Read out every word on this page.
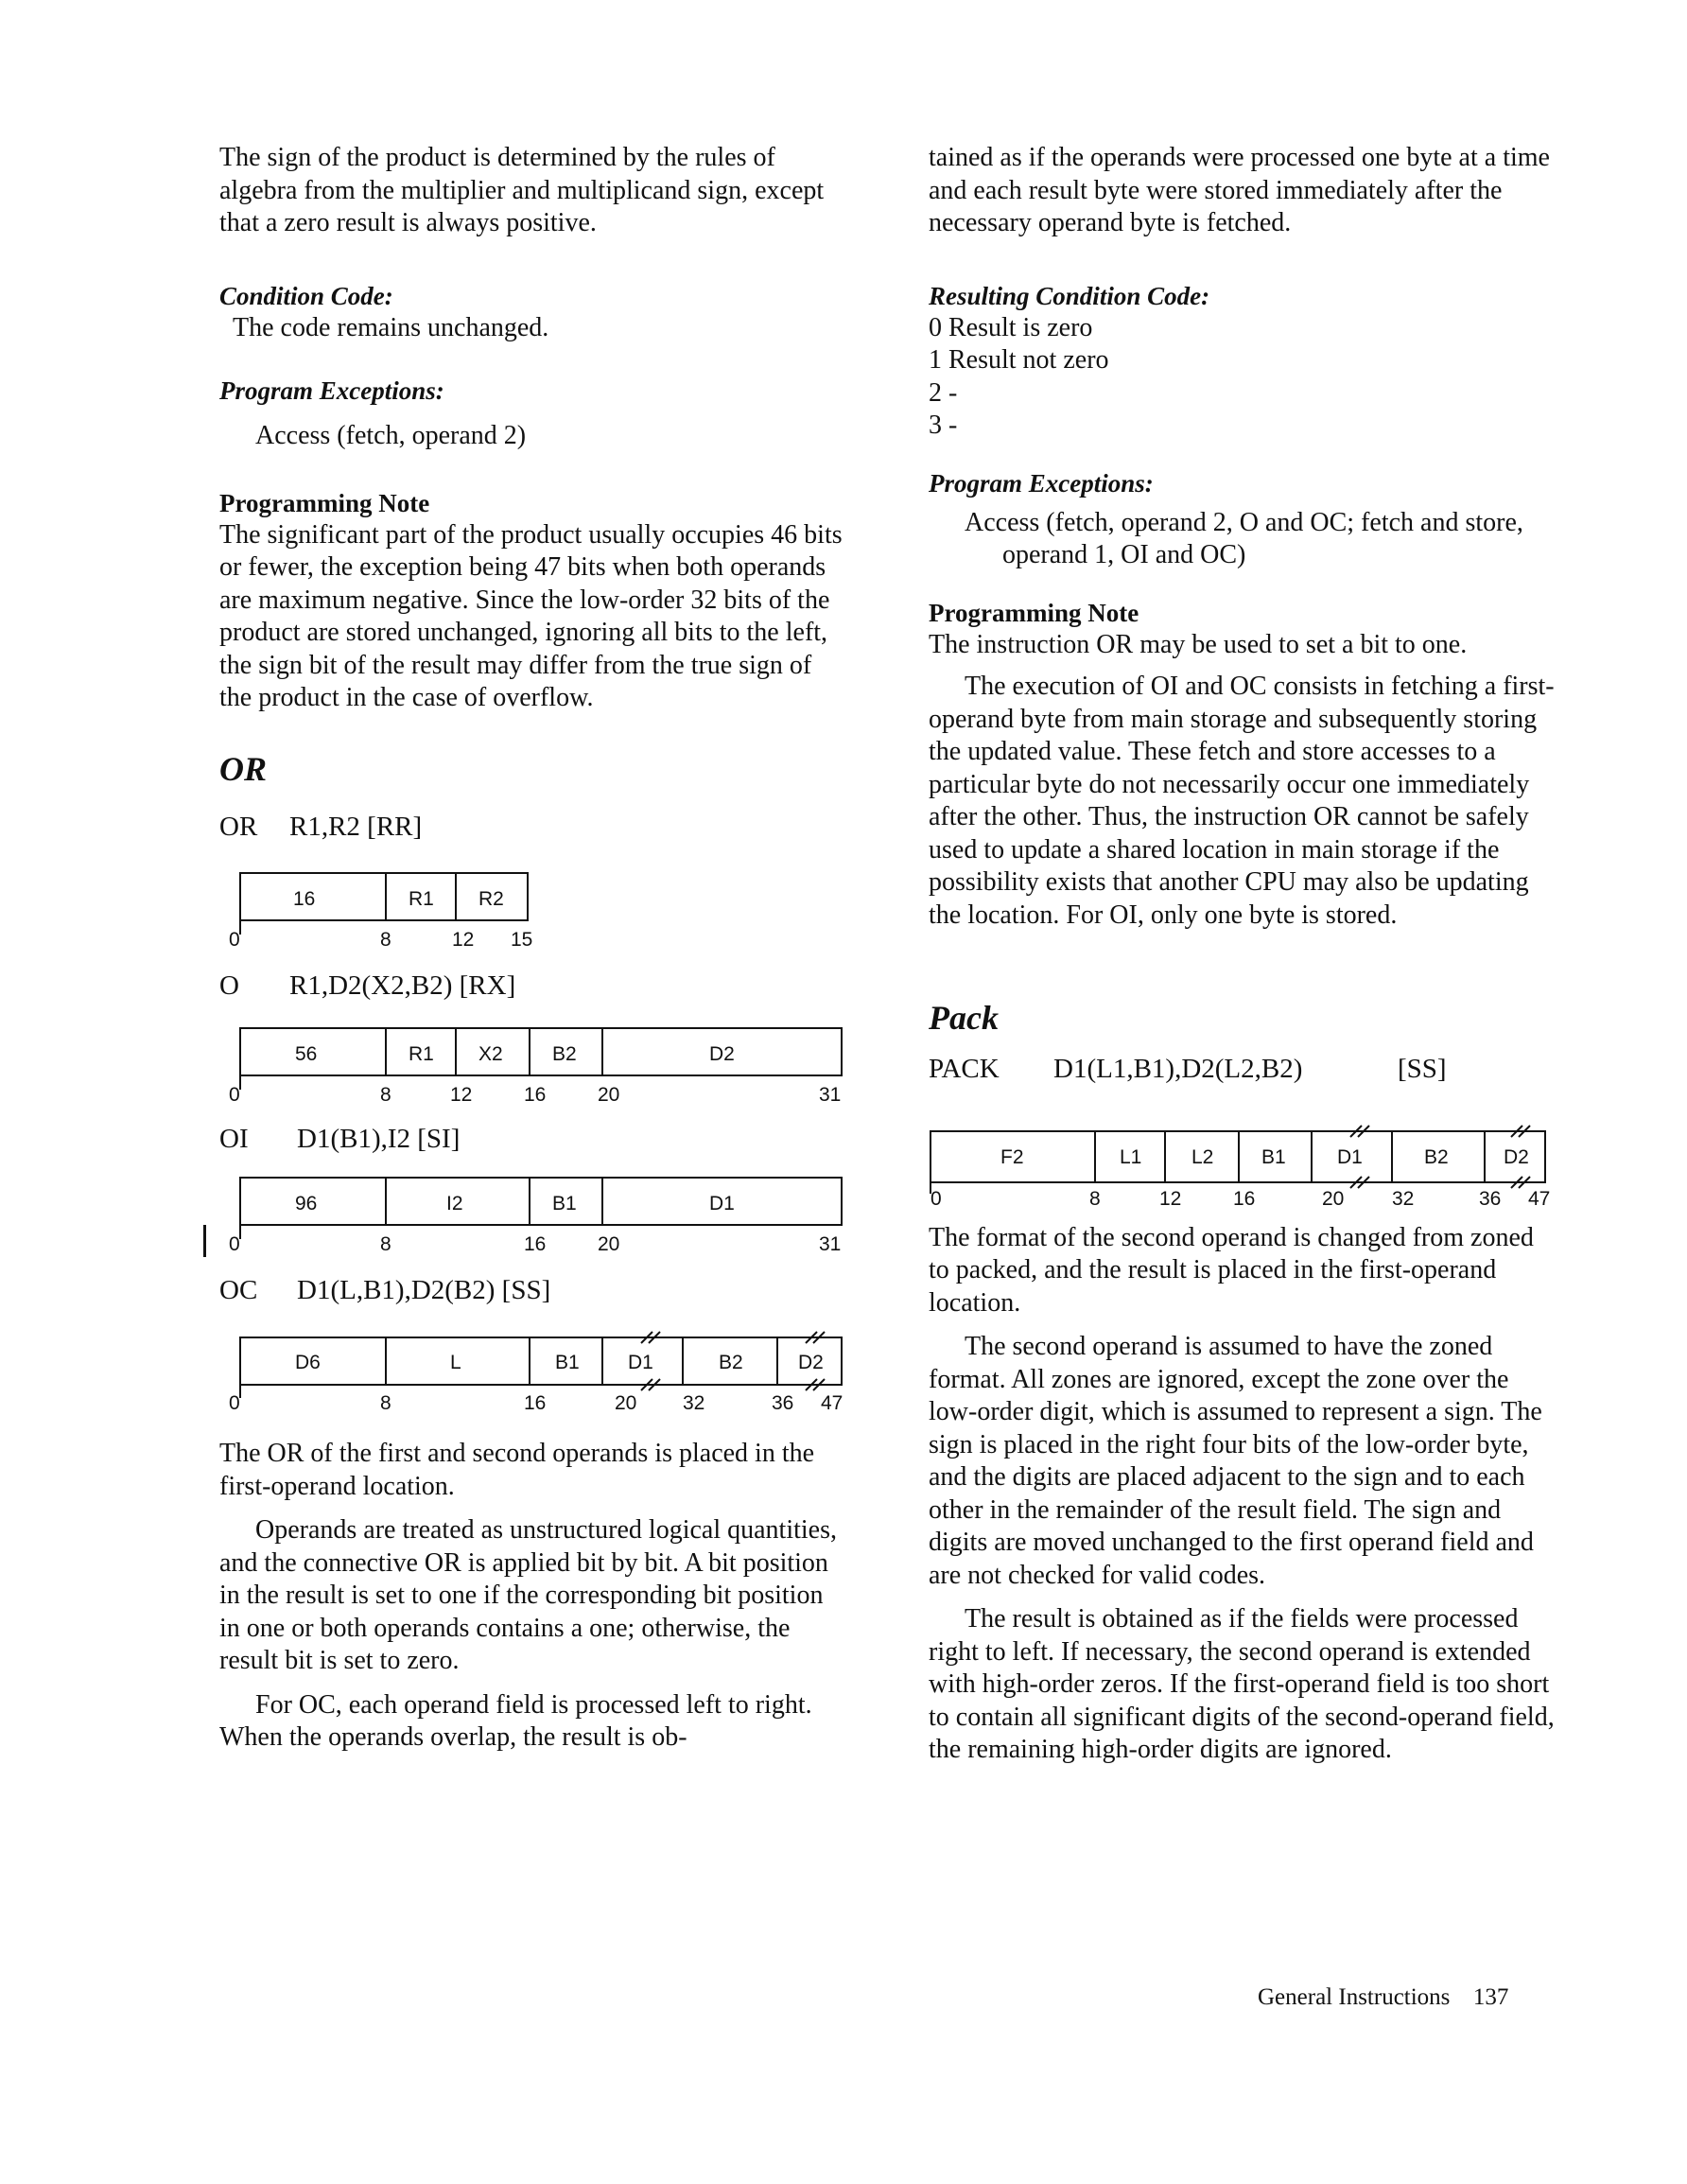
The sign of the product is determined by the rules of algebra from the multiplier and multiplicand sign, except that a zero result is always positive.

Condition Code:

The code remains unchanged.

Program Exceptions:

Access (fetch, operand 2)

Programming Note

The significant part of the product usually occupies 46 bits or fewer, the exception being 47 bits when both operands are maximum negative. Since the low-order 32 bits of the product are stored unchanged, ignoring all bits to the left, the sign bit of the result may differ from the true sign of the product in the case of overflow.

OR

OR R1,R2 [RR]

16	R1 R2
0	8	12 15

O R1,D2(X2,B2) [RX]

56	R1 X2 B2	D2
0	8	12	16	20	31

OI D1(B1),I2 [SI]

96	I2	B1	D1
0	8	16	20	31

OC D1(L,B1),D2(B2) [SS]

D6	L	B1 D1	B2	D2
0	8	16	20 32	36 47

The OR of the first and second operands is placed in the first-operand location.

Operands are treated as unstructured logical quantities, and the connective OR is applied bit by bit. A bit position in the result is set to one if the corresponding bit position in one or both operands contains a one; otherwise, the result bit is set to zero.

For OC, each operand field is processed left to right. When the operands overlap, the result is ob-

tained as if the operands were processed one byte at a time and each result byte were stored immediately after the necessary operand byte is fetched.

Resulting Condition Code:

0 Result is zero

1 Result not zero

2 -

3 -

Program Exceptions:

Access (fetch, operand 2, O and OC; fetch and store, operand 1, OI and OC)

Programming Note

The instruction OR may be used to set a bit to one.

The execution of OI and OC consists in fetching a first-operand byte from main storage and subsequently storing the updated value. These fetch and store accesses to a particular byte do not necessarily occur one immediately after the other. Thus, the instruction OR cannot be safely used to update a shared location in main storage if the possibility exists that another CPU may also be updating the location. For OI, only one byte is stored.

Pack

PACK D1(L1,B1),D2(L2,B2)	[SS]

F2	L1	L2 B1	D1	B2	D2
0	8	12	16	20 32	36 47

The format of the second operand is changed from zoned to packed, and the result is placed in the first-operand location.

The second operand is assumed to have the zoned format. All zones are ignored, except the zone over the low-order digit, which is assumed to represent a sign. The sign is placed in the right four bits of the low-order byte, and the digits are placed adjacent to the sign and to each other in the remainder of the result field. The sign and digits are moved unchanged to the first operand field and are not checked for valid codes.

The result is obtained as if the fields were processed right to left. If necessary, the second operand is extended with high-order zeros. If the first-operand field is too short to contain all significant digits of the second-operand field, the remaining high-order digits are ignored.

General Instructions 137
